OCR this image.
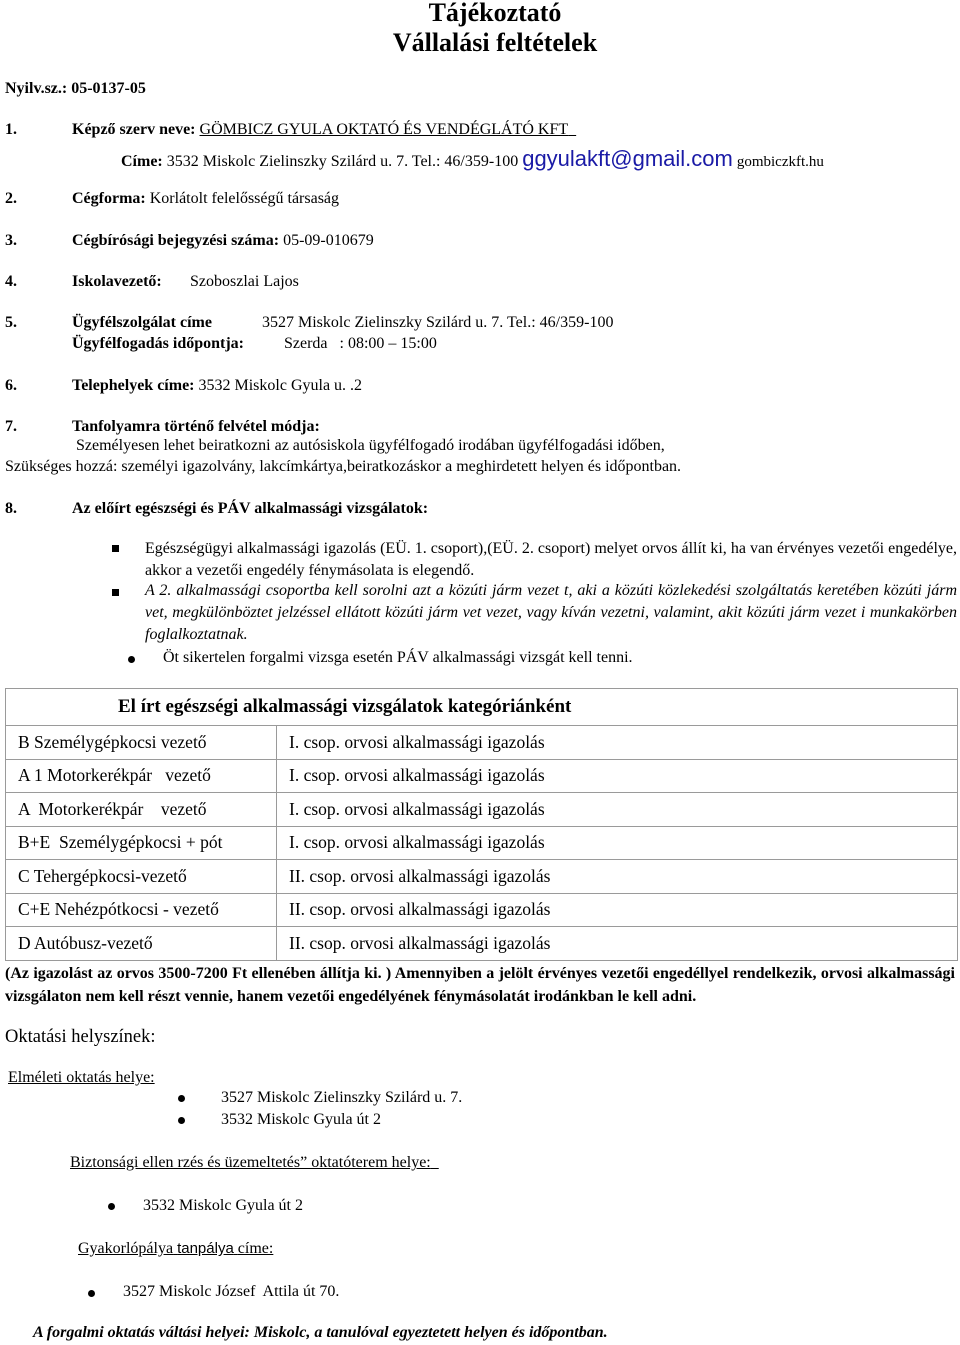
Tájékoztató
Vállalási feltételek
Nyilv.sz.: 05-0137-05
1.	Képző szerv neve: GÖMBICZ GYULA OKTATÓ ÉS VENDÉGLÁTÓ KFT
Címe: 3532 Miskolc Zielinszky Szilárd u. 7. Tel.: 46/359-100 ggyulakft@gmail.com gombiczkft.hu
2.	Cégforma: Korlátolt felelősségű társaság
3.	Cégbírósági bejegyzési száma: 05-09-010679
4.	Iskolavezető: Szoboszlai Lajos
5.	Ügyfélszolgálat címe	3527 Miskolc Zielinszky Szilárd u. 7. Tel.: 46/359-100
Ügyfélfogadás időpontja: Szerda   : 08:00 – 15:00
6.	Telephelyek címe: 3532 Miskolc Gyula u. .2
7.	Tanfolyamra történő felvétel módja:
Személyesen lehet beiratkozni az autósiskola ügyfélfogadó irodában ügyfélfogadási időben,
Szükséges hozzá: személyi igazolvány, lakcímkártya,beiratkozáskor a meghirdetett helyen és időpontban.
8.	Az előírt egészségi és PÁV alkalmassági vizsgálatok:
Egészségügyi alkalmassági igazolás (EÜ. 1. csoport),(EÜ. 2. csoport) melyet orvos állít ki, ha van érvényes vezetői engedélye, akkor a vezetői engedély fénymásolata is elegendő.
A 2. alkalmassági csoportba kell sorolni azt a közúti járm vezet t, aki a közúti közlekedési szolgáltatás keretében közúti járm vet, megkülönböztet jelzéssel ellátott közúti járm vet vezet, vagy kíván vezetni, valamint, akit közúti járm vezet i munkakörben foglalkoztatnak.
Öt sikertelen forgalmi vizsga esetén PÁV alkalmassági vizsgát kell tenni.
El írt egészségi alkalmassági vizsgálatok kategóriánként	
B Személygépkocsi vezető	I. csop. orvosi alkalmassági igazolás
A 1 Motorkerékpár   vezető	I. csop. orvosi alkalmassági igazolás
A  Motorkerékpár    vezető	I. csop. orvosi alkalmassági igazolás
B+E  Személygépkocsi + pót	I. csop. orvosi alkalmassági igazolás
C Tehergépkocsi-vezető	II. csop. orvosi alkalmassági igazolás
C+E Nehézpótkocsi - vezető	II. csop. orvosi alkalmassági igazolás
D Autóbusz-vezető	II. csop. orvosi alkalmassági igazolás
(Az igazolást az orvos 3500-7200 Ft ellenében állítja ki. ) Amennyiben a jelölt érvényes vezetői engedéllyel rendelkezik, orvosi alkalmassági vizsgálaton nem kell részt vennie, hanem vezetői engedélyének fénymásolatát irodánkban le kell adni.
Oktatási helyszínek:
Elméleti oktatás helye:
3527 Miskolc Zielinszky Szilárd u. 7.
3532 Miskolc Gyula út 2
Biztonsági ellen rzés és üzemeltetés” oktatóterem helye:
3532 Miskolc Gyula út 2
Gyakorlópálya tanpálya címe:
3527 Miskolc József  Attila út 70.
A forgalmi oktatás váltási helyei: Miskolc, a tanulóval egyeztetett helyen és időpontban.
